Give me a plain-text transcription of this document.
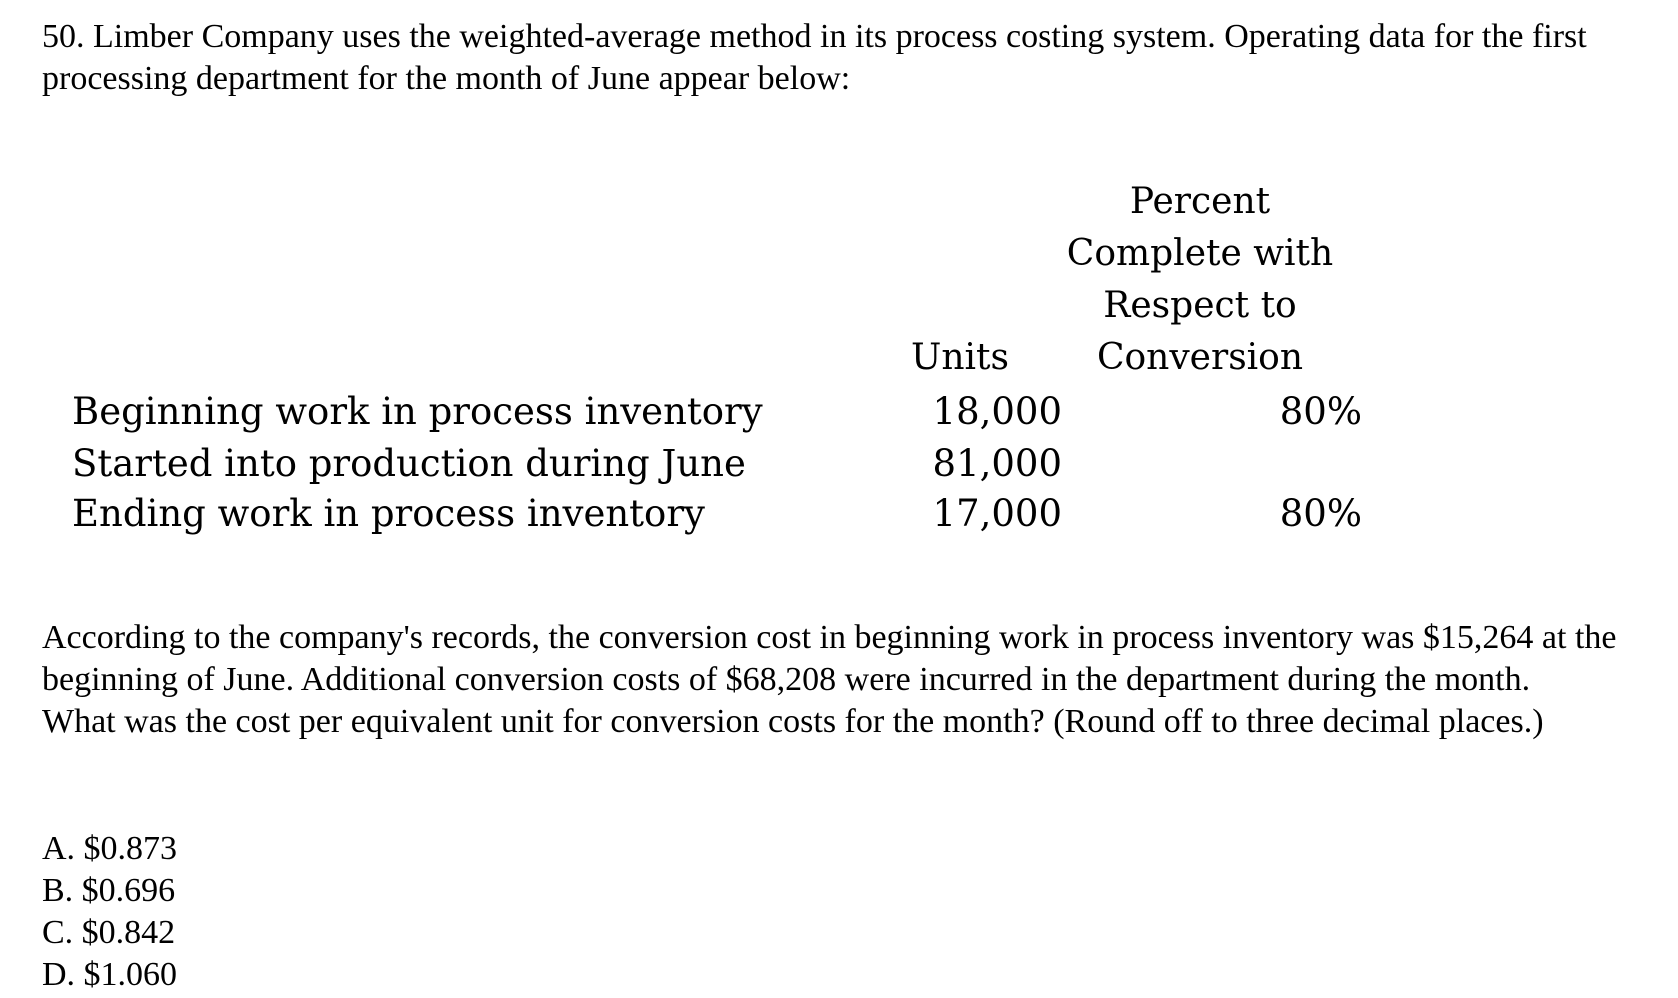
50. Limber Company uses the weighted-average method in its process costing system. Operating data for the first processing department for the month of June appear below:

Percent
Complete with
Respect to
Conversion
Units
Beginning work in process inventory	18,000	80%
Started into production during June	81,000
Ending work in process inventory	17,000	80%
According to the company's records, the conversion cost in beginning work in process inventory was $15,264 at the beginning of June. Additional conversion costs of $68,208 were incurred in the department during the month.
What was the cost per equivalent unit for conversion costs for the month? (Round off to three decimal places.)
A. $0.873
B. $0.696
C. $0.842
D. $1.060
